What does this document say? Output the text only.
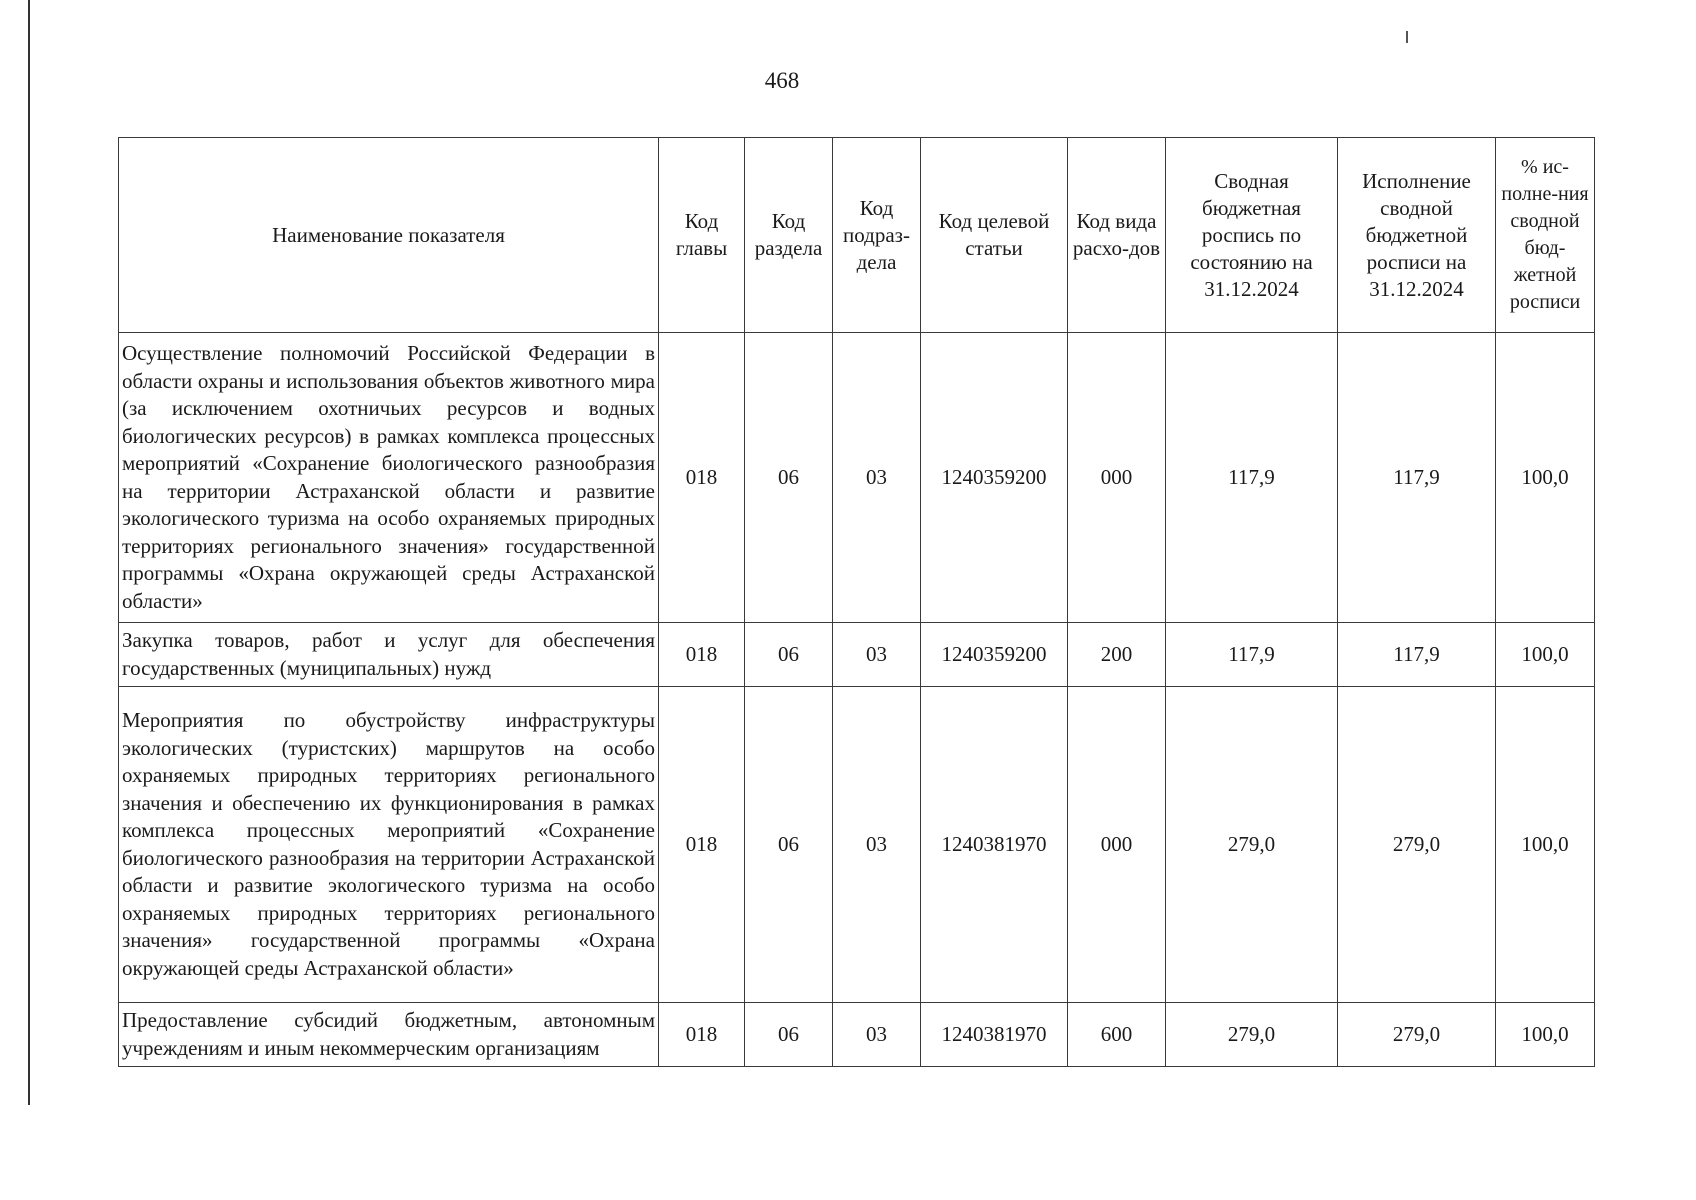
468
Наименование показателя	Код главы	Код раздела	Код подраз-дела	Код целевой статьи	Код вида расхо-дов	Сводная бюджетная роспись по состоянию на 31.12.2024	Исполнение сводной бюджетной росписи на 31.12.2024	% ис-полне-ния сводной бюд-жетной росписи
Осуществление полномочий Российской Федерации в области охраны и использования объектов животного мира (за исключением охотничьих ресурсов и водных биологических ресурсов) в рамках комплекса процессных мероприятий «Сохранение биологического разнообразия на территории Астраханской области и развитие экологического туризма на особо охраняемых природных территориях регионального значения» государственной программы «Охрана окружающей среды Астраханской области»	018	06	03	1240359200	000	117,9	117,9	100,0
Закупка товаров, работ и услуг для обеспечения государственных (муниципальных) нужд	018	06	03	1240359200	200	117,9	117,9	100,0
Мероприятия по обустройству инфраструктуры экологических (туристских) маршрутов на особо охраняемых природных территориях регионального значения и обеспечению их функционирования в рамках комплекса процессных мероприятий «Сохранение биологического разнообразия на территории Астраханской области и развитие экологического туризма на особо охраняемых природных территориях регионального значения» государственной программы «Охрана окружающей среды Астраханской области»	018	06	03	1240381970	000	279,0	279,0	100,0
Предоставление субсидий бюджетным, автономным учреждениям и иным некоммерческим организациям	018	06	03	1240381970	600	279,0	279,0	100,0
